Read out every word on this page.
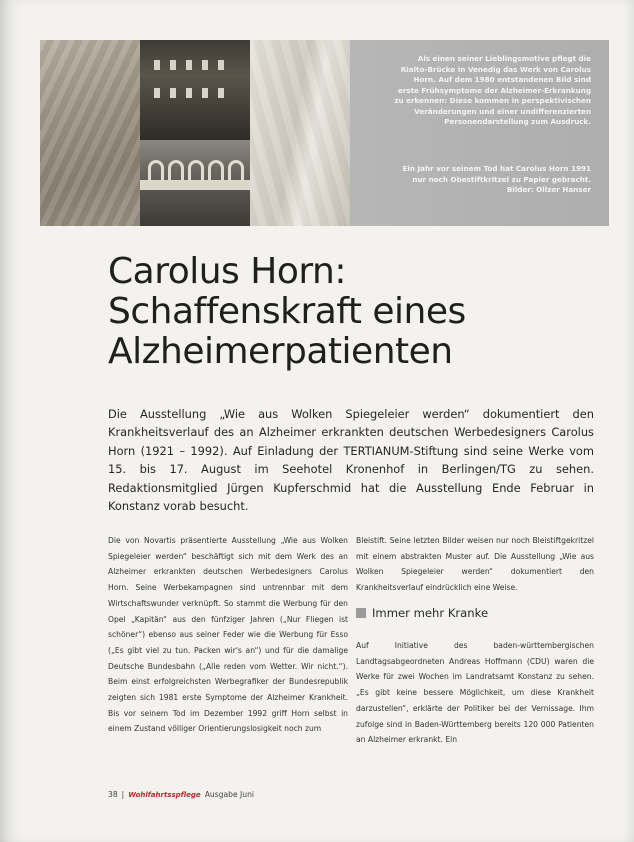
Als einen seiner Lieblingsmotive pflegt die Rialto-Brücke in Venedig das Werk von Carolus Horn. Auf dem 1980 entstandenen Bild sind erste Frühsymptome der Alzheimer-Erkrankung zu erkennen: Diese kommen in perspektivischen Veränderungen und einer undifferenzierten Personendarstellung zum Ausdruck.

Ein Jahr vor seinem Tod hat Carolus Horn 1991 nur noch Obestiftkritzel zu Papier gebracht. Bilder: Ollzer Hanser

Carolus Horn: Schaffenskraft eines Alzheimerpatienten

Die Ausstellung „Wie aus Wolken Spiegeleier werden“ dokumentiert den Krankheitsverlauf des an Alzheimer erkrankten deutschen Werbedesigners Carolus Horn (1921 – 1992). Auf Einladung der TERTIANUM-Stiftung sind seine Werke vom 15. bis 17. August im Seehotel Kronenhof in Berlingen/TG zu sehen. Redaktionsmitglied Jürgen Kupferschmid hat die Ausstellung Ende Februar in Konstanz vorab besucht.

Die von Novartis präsentierte Ausstellung „Wie aus Wolken Spiegeleier werden“ beschäftigt sich mit dem Werk des an Alzheimer erkrankten deutschen Werbedesigners Carolus Horn. Seine Werbekampagnen sind untrennbar mit dem Wirtschaftswunder verknüpft. So stammt die Werbung für den Opel „Kapitän“ aus den fünfziger Jahren („Nur Fliegen ist schöner“) ebenso aus seiner Feder wie die Werbung für Esso („Es gibt viel zu tun. Packen wir's an“) und für die damalige Deutsche Bundesbahn („Alle reden vom Wetter. Wir nicht.“). Beim einst erfolgreichsten Werbegrafiker der Bundesrepublik zeigten sich 1981 erste Symptome der Alzheimer Krankheit. Bis vor seinem Tod im Dezember 1992 griff Horn selbst in einem Zustand völliger Orientierungslosigkeit noch zum

Bleistift. Seine letzten Bilder weisen nur noch Bleistiftgekritzel mit einem abstrakten Muster auf. Die Ausstellung „Wie aus Wolken Spiegeleier werden“ dokumentiert den Krankheitsverlauf eindrücklich eine Weise.

Immer mehr Kranke

Auf Initiative des baden-württembergischen Landtagsabgeordneten Andreas Hoffmann (CDU) waren die Werke für zwei Wochen im Landratsamt Konstanz zu sehen. „Es gibt keine bessere Möglichkeit, um diese Krankheit darzustellen“, erklärte der Politiker bei der Vernissage. Ihm zufolge sind in Baden-Württemberg bereits 120 000 Patienten an Alzheimer erkrankt. Ein

38 | Wohlfahrtsspflege Ausgabe Juni
